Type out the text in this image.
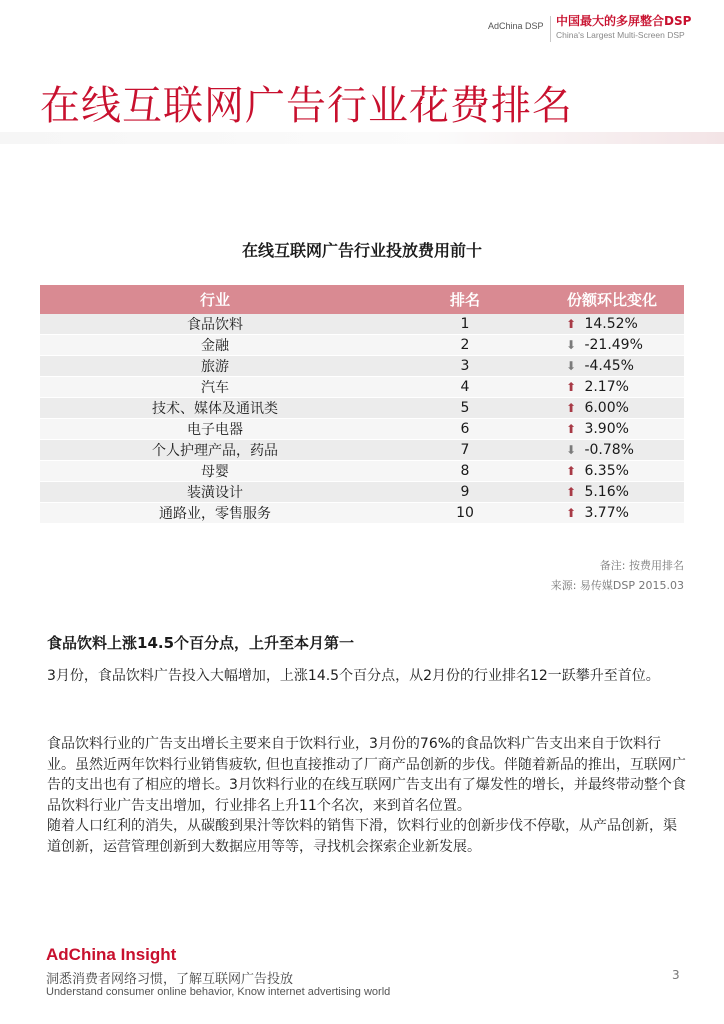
AdChina DSP 中国最大的多屏整合DSP
China's Largest Multi-Screen DSP
在线互联网广告行业花费排名
在线互联网广告行业投放费用前十
行业	排名	份额环比变化
食品饮料	1	⬆ 14.52%
金融	2	⬇ -21.49%
旅游	3	⬇ -4.45%
汽车	4	⬆ 2.17%
技术、媒体及通讯类	5	⬆ 6.00%
电子电器	6	⬆ 3.90%
个人护理产品，药品	7	⬇ -0.78%
母婴	8	⬆ 6.35%
装潢设计	9	⬆ 5.16%
通路业，零售服务	10	⬆ 3.77%
备注: 按费用排名
来源: 易传媒DSP 2015.03
食品饮料上涨14.5个百分点，上升至本月第一

3月份，食品饮料广告投入大幅增加，上涨14.5个百分点，从2月份的行业排名12一跃攀升至首位。

食品饮料行业的广告支出增长主要来自于饮料行业，3月份的76%的食品饮料广告支出来自于饮料行业。虽然近两年饮料行业销售疲软, 但也直接推动了厂商产品创新的步伐。伴随着新品的推出，互联网广告的支出也有了相应的增长。3月饮料行业的在线互联网广告支出有了爆发性的增长，并最终带动整个食品饮料行业广告支出增加，行业排名上升11个名次，来到首名位置。

随着人口红利的消失，从碳酸到果汁等饮料的销售下滑，饮料行业的创新步伐不停歇，从产品创新，渠道创新，运营管理创新到大数据应用等等，寻找机会探索企业新发展。

AdChina Insight
洞悉消费者网络习惯，了解互联网广告投放
Understand consumer online behavior, Know internet advertising world
3
